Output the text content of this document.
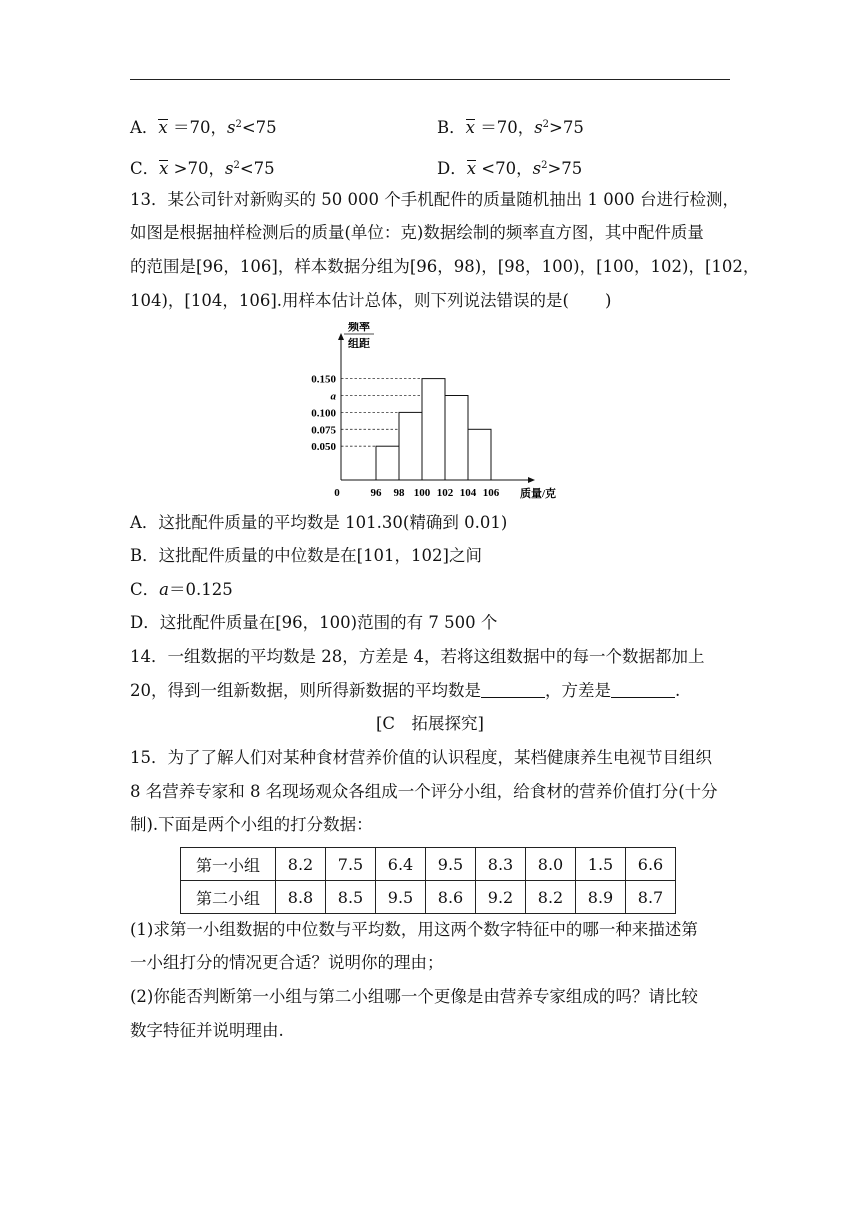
A．x ＝70，$s^2<75$	B．x ＝70，$s^2>75$
C．x >70，$s^2<75$	D．x <70，$s^2>75$
13．某公司针对新购买的 50 000 个手机配件的质量随机抽出 1 000 台进行检测，
如图是根据抽样检测后的质量(单位：克)数据绘制的频率直方图，其中配件质量
的范围是[96，106]，样本数据分组为[96，98)，[98，100)，[100，102)，[102，
104)，[104，106].用样本估计总体，则下列说法错误的是( )
0.050
0.075
0.100
a
0.150
0	96 98 100 102 104 106 质量/克
频率
组距
A．这批配件质量的平均数是 101.30(精确到 0.01)
B．这批配件质量的中位数是在[101，102]之间
C．a＝0.125
D．这批配件质量在[96，100)范围的有 7 500 个
14．一组数据的平均数是 28，方差是 4，若将这组数据中的每一个数据都加上
20，得到一组新数据，则所得新数据的平均数是	，方差是	.
[C　拓展探究]
15．为了了解人们对某种食材营养价值的认识程度，某档健康养生电视节目组织
8 名营养专家和 8 名现场观众各组成一个评分小组，给食材的营养价值打分(十分
制).下面是两个小组的打分数据：
第一小组	8.2	7.5	6.4	9.5	8.3	8.0	1.5	6.6
第二小组	8.8	8.5	9.5	8.6	9.2	8.2	8.9	8.7
(1)求第一小组数据的中位数与平均数，用这两个数字特征中的哪一种来描述第
一小组打分的情况更合适？说明你的理由；
(2)你能否判断第一小组与第二小组哪一个更像是由营养专家组成的吗？请比较
数字特征并说明理由.
